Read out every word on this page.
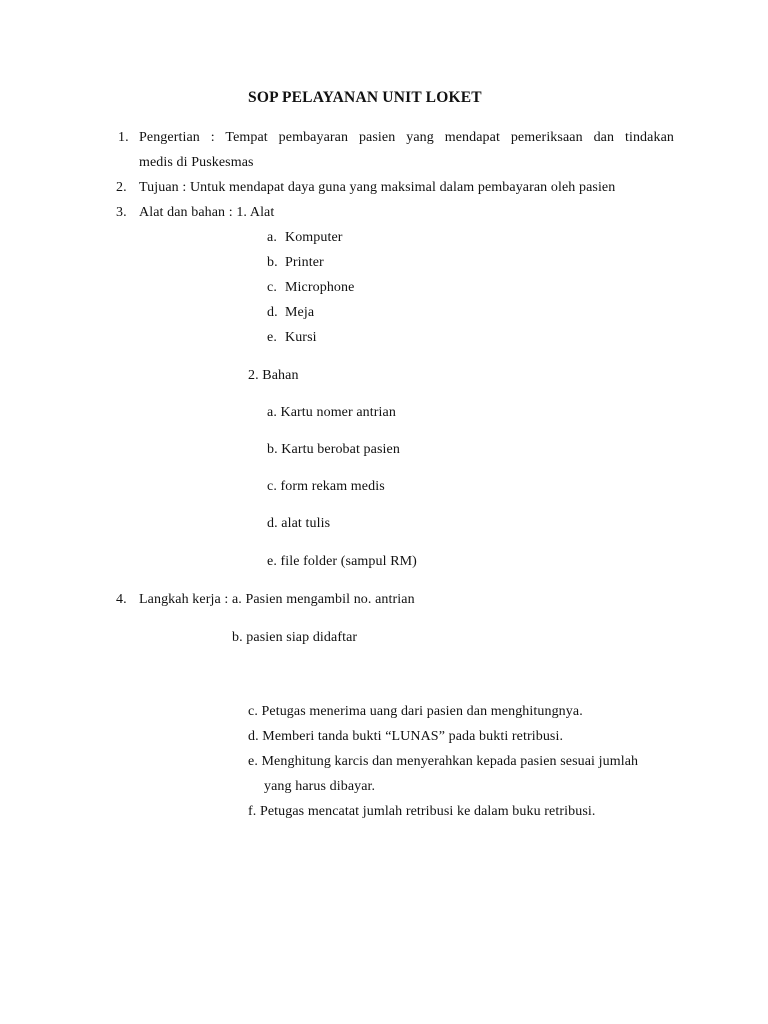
SOP PELAYANAN UNIT LOKET
1. Pengertian : Tempat pembayaran pasien yang mendapat pemeriksaan dan tindakan
medis di Puskesmas
2. Tujuan : Untuk mendapat daya guna yang maksimal dalam pembayaran oleh pasien
3. Alat dan bahan : 1. Alat
a. Komputer
b. Printer
c. Microphone
d. Meja
e. Kursi
2. Bahan
a. Kartu nomer antrian
b. Kartu berobat pasien
c. form rekam medis
d. alat tulis
e. file folder (sampul RM)
4. Langkah kerja : a. Pasien mengambil no. antrian
b. pasien siap didaftar
c. Petugas menerima uang dari pasien dan menghitungnya.
d. Memberi tanda bukti “LUNAS” pada bukti retribusi.
e. Menghitung karcis dan menyerahkan kepada pasien sesuai jumlah
yang harus dibayar.
f. Petugas mencatat jumlah retribusi ke dalam buku retribusi.
